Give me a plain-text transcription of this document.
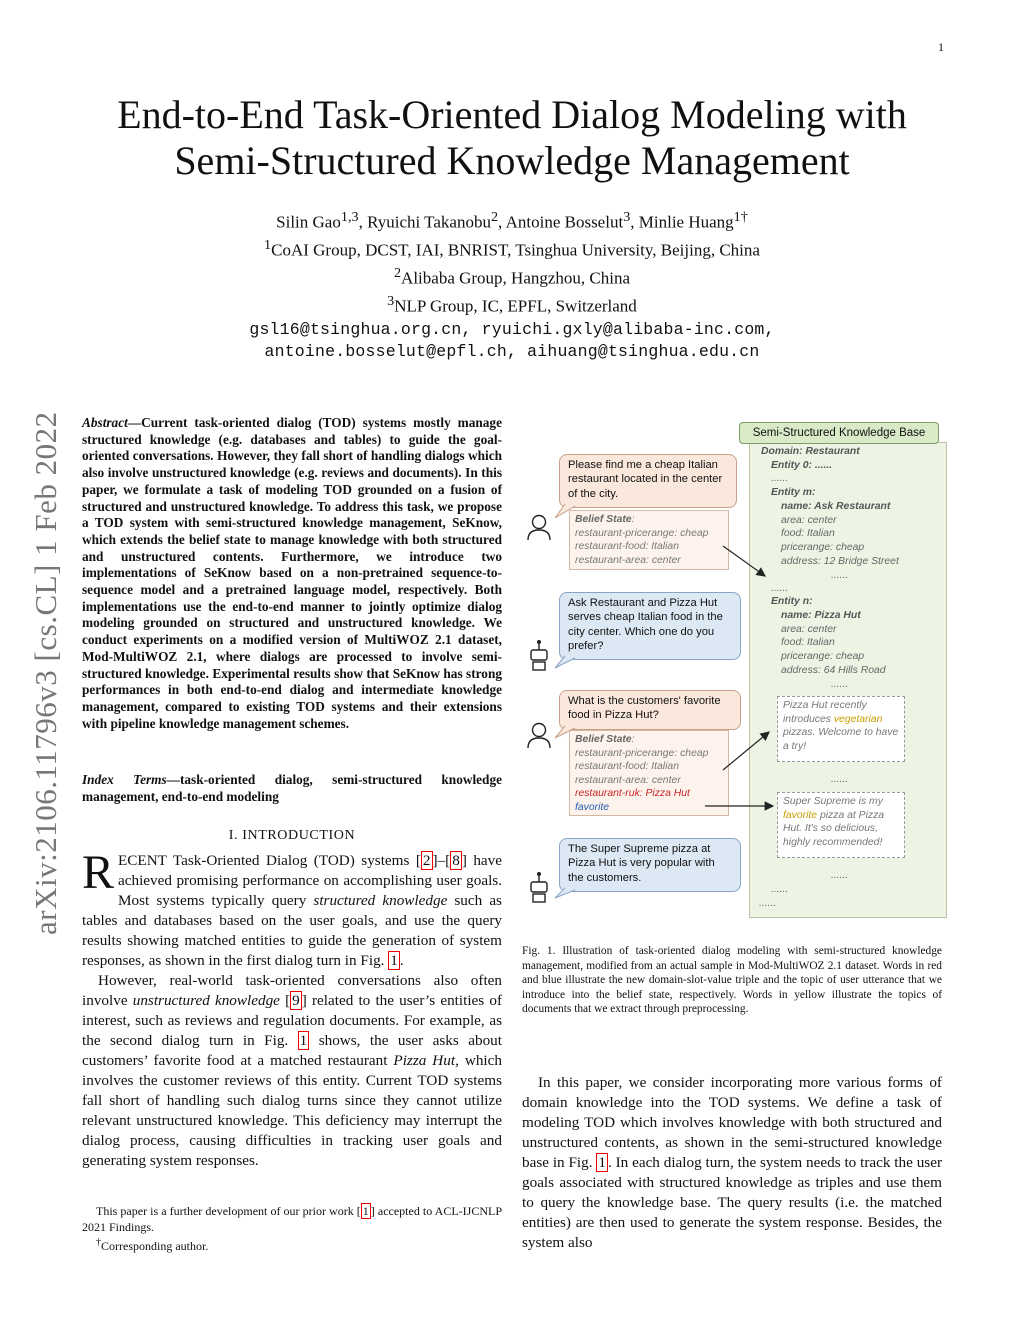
1
End-to-End Task-Oriented Dialog Modeling with
Semi-Structured Knowledge Management
Silin Gao$^{1,3}$, Ryuichi Takanobu$^2$, Antoine Bosselut$^3$, Minlie Huang$^{1\dagger}$
$^1$CoAI Group, DCST, IAI, BNRIST, Tsinghua University, Beijing, China
$^2$Alibaba Group, Hangzhou, China
$^3$NLP Group, IC, EPFL, Switzerland
gsl16@tsinghua.org.cn, ryuichi.gxly@alibaba-inc.com,
antoine.bosselut@epfl.ch, aihuang@tsinghua.edu.cn
arXiv:2106.11796v3 [cs.CL] 1 Feb 2022 Abstract—Current task-oriented dialog (TOD) systems mostly manage structured knowledge (e.g. databases and tables) to guide the goal-oriented conversations. However, they fall short of handling dialogs which also involve unstructured knowledge (e.g. reviews and documents). In this paper, we formulate a task of modeling TOD grounded on a fusion of structured and unstructured knowledge. To address this task, we propose a TOD system with semi-structured knowledge management, SeKnow, which extends the belief state to manage knowledge with both structured and unstructured contents. Furthermore, we introduce two implementations of SeKnow based on a non-pretrained sequence-to-sequence model and a pretrained language model, respectively. Both implementations use the end-to-end manner to jointly optimize dialog modeling grounded on structured and unstructured knowledge. We conduct experiments on a modified version of MultiWOZ 2.1 dataset, Mod-MultiWOZ 2.1, where dialogs are processed to involve semi-structured knowledge. Experimental results show that SeKnow has strong performances in both end-to-end dialog and intermediate knowledge management, compared to existing TOD systems and their extensions with pipeline knowledge management schemes.
Index Terms—task-oriented dialog, semi-structured knowledge management, end-to-end modeling
I. INTRODUCTION

RECENT Task-Oriented Dialog (TOD) systems [ 2 ]–[ 8 ] have achieved promising performance on accomplishing user goals. Most systems typically query structured knowledge such as tables and databases based on the user goals, and use the query results showing matched entities to guide the generation of system responses, as shown in the first dialog turn in Fig. 1 .

However, real-world task-oriented conversations also often involve unstructured knowledge [ 9 ] related to the user’s entities of interest, such as reviews and regulation documents. For example, as the second dialog turn in Fig. 1 shows, the user asks about customers’ favorite food at a matched restaurant Pizza Hut, which involves the customer reviews of this entity. Current TOD systems fall short of handling such dialog turns since they cannot utilize relevant unstructured knowledge. This deficiency may interrupt the dialog process, causing difficulties in tracking user goals and generating system responses.

This paper is a further development of our prior work [ 1 ] accepted to ACL-IJCNLP 2021 Findings.
†Corresponding author.
Semi-Structured Knowledge Base
Domain: Restaurant
Entity 0: ......
......
Entity m:
name: Ask Restaurant
area: center
food: Italian
pricerange: cheap
address: 12 Bridge Street
......
......
Entity n:
name: Pizza Hut
area: center
food: Italian
pricerange: cheap
address: 64 Hills Road
......
Pizza Hut recently introduces vegetarian pizzas. Welcome to have a try!
......
Super Supreme is my favorite pizza at Pizza Hut. It's so delicious, highly recommended!
......
......
......
Please find me a cheap Italian restaurant located in the center of the city.
Belief State:
restaurant-pricerange: cheap
restaurant-food: Italian
restaurant-area: center
Ask Restaurant and Pizza Hut serves cheap Italian food in the city center. Which one do you prefer?
What is the customers' favorite food in Pizza Hut?
Belief State:
restaurant-pricerange: cheap
restaurant-food: Italian
restaurant-area: center
restaurant-ruk: Pizza Hut
favorite
The Super Supreme pizza at Pizza Hut is very popular with the customers.
Fig. 1. Illustration of task-oriented dialog modeling with semi-structured knowledge management, modified from an actual sample in Mod-MultiWOZ 2.1 dataset. Words in red and blue illustrate the new domain-slot-value triple and the topic of user utterance that we introduce into the belief state, respectively. Words in yellow illustrate the topics of documents that we extract through preprocessing.

In this paper, we consider incorporating more various forms of domain knowledge into the TOD systems. We define a task of modeling TOD which involves knowledge with both structured and unstructured contents, as shown in the semi-structured knowledge base in Fig. 1 . In each dialog turn, the system needs to track the user goals associated with structured knowledge as triples and use them to query the knowledge base. The query results (i.e. the matched entities) are then used to generate the system response. Besides, the system also
